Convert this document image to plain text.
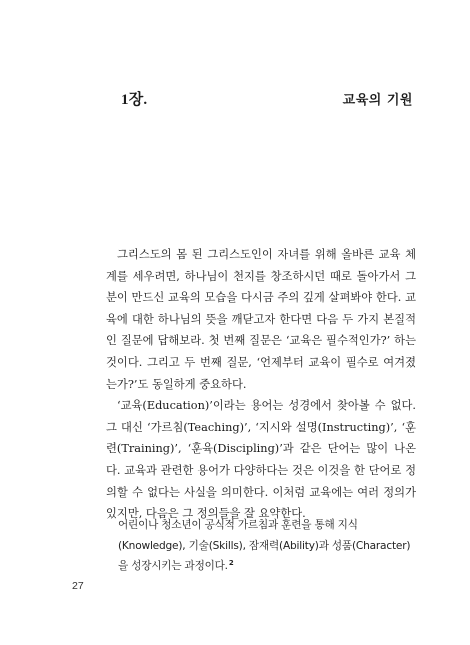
1장.	교육의 기원

그리스도의 몸 된 그리스도인이 자녀를 위해 올바른 교육 체계를 세우려면, 하나님이 천지를 창조하시던 때로 돌아가서 그분이 만드신 교육의 모습을 다시금 주의 깊게 살펴봐야 한다. 교육에 대한 하나님의 뜻을 깨닫고자 한다면 다음 두 가지 본질적인 질문에 답해보라. 첫 번째 질문은 ‘교육은 필수적인가?’ 하는 것이다. 그리고 두 번째 질문, ‘언제부터 교육이 필수로 여겨졌는가?’도 동일하게 중요하다.

‘교육(Education)’이라는 용어는 성경에서 찾아볼 수 없다. 그 대신 ‘가르침(Teaching)’, ‘지시와 설명(Instructing)’, ‘훈련(Training)’, ‘훈육(Discipling)’과 같은 단어는 많이 나온다. 교육과 관련한 용어가 다양하다는 것은 이것을 한 단어로 정의할 수 없다는 사실을 의미한다. 이처럼 교육에는 여러 정의가 있지만, 다음은 그 정의들을 잘 요약한다.

어린이나 청소년이 공식적 가르침과 훈련을 통해 지식(Knowledge), 기술(Skills), 잠재력(Ability)과 성품(Character)을 성장시키는 과정이다.$^2$
27
